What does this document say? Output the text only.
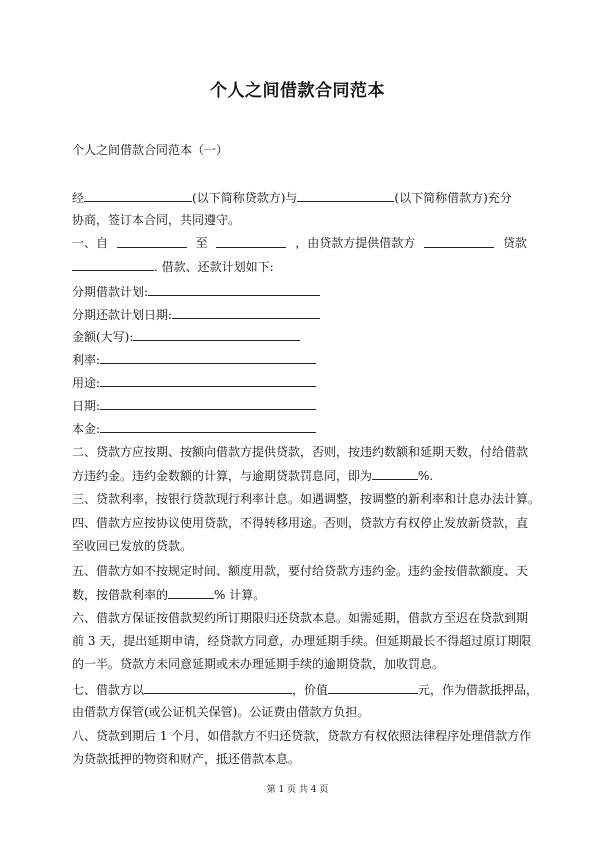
个人之间借款合同范本
个人之间借款合同范本（一）
经	(以下简称贷款方)与	(以下简称借款方)充分
协商，签订本合同，共同遵守。
一、自	至	，由贷款方提供借款方	贷款
. 借款、还款计划如下:
分期借款计划:
分期还款计划日期:
金额(大写):
利率:
用途:
日期:
本金:
二、贷款方应按期、按额向借款方提供贷款，否则，按违约数额和延期天数，付给借款
方违约金。违约金数额的计算，与逾期贷款罚息同，即为	%.
三、贷款利率，按银行贷款现行利率计息。如遇调整，按调整的新利率和计息办法计算。
四、借款方应按协议使用贷款，不得转移用途。否则，贷款方有权停止发放新贷款，直
至收回已发放的贷款。
五、借款方如不按规定时间、额度用款，要付给贷款方违约金。违约金按借款额度、天
数，按借款利率的	% 计算。
六、借款方保证按借款契约所订期限归还贷款本息。如需延期，借款方至迟在贷款到期
前 3 天，提出延期申请，经贷款方同意，办理延期手续。但延期最长不得超过原订期限
的一半。贷款方未同意延期或未办理延期手续的逾期贷款，加收罚息。
七、借款方以	，价值	元，作为借款抵押品，
由借款方保管(或公证机关保管)。公证费由借款方负担。
八、贷款到期后 1 个月，如借款方不归还贷款，贷款方有权依照法律程序处理借款方作
为贷款抵押的物资和财产，抵还借款本息。
第 1 页 共 4 页
